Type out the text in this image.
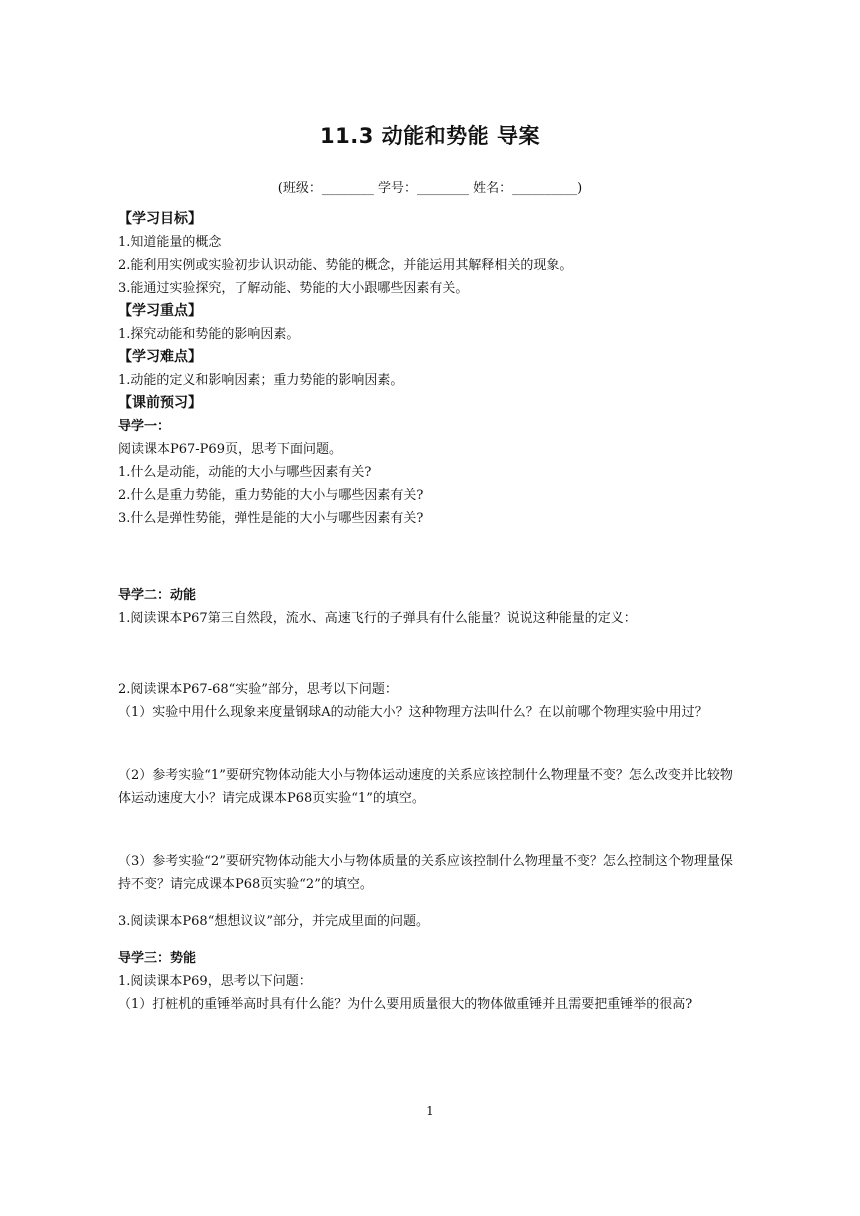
11.3 动能和势能 导案
(班级：________ 学号：________ 姓名：__________)
【学习目标】
1.知道能量的概念
2.能利用实例或实验初步认识动能、势能的概念，并能运用其解释相关的现象。
3.能通过实验探究，了解动能、势能的大小跟哪些因素有关。
【学习重点】
1.探究动能和势能的影响因素。
【学习难点】
1.动能的定义和影响因素；重力势能的影响因素。
【课前预习】
导学一：
阅读课本P67-P69页，思考下面问题。
1.什么是动能，动能的大小与哪些因素有关?
2.什么是重力势能，重力势能的大小与哪些因素有关?
3.什么是弹性势能，弹性是能的大小与哪些因素有关?
导学二：动能
1.阅读课本P67第三自然段，流水、高速飞行的子弹具有什么能量？说说这种能量的定义：
2.阅读课本P67-68“实验”部分，思考以下问题：
（1）实验中用什么现象来度量钢球A的动能大小？这种物理方法叫什么？在以前哪个物理实验中用过？
（2）参考实验“1”要研究物体动能大小与物体运动速度的关系应该控制什么物理量不变？怎么改变并比较物体运动速度大小？请完成课本P68页实验“1”的填空。
（3）参考实验“2”要研究物体动能大小与物体质量的关系应该控制什么物理量不变？怎么控制这个物理量保持不变？请完成课本P68页实验“2”的填空。
3.阅读课本P68“想想议议”部分，并完成里面的问题。
导学三：势能
1.阅读课本P69，思考以下问题：
（1）打桩机的重锤举高时具有什么能？为什么要用质量很大的物体做重锤并且需要把重锤举的很高?
1
